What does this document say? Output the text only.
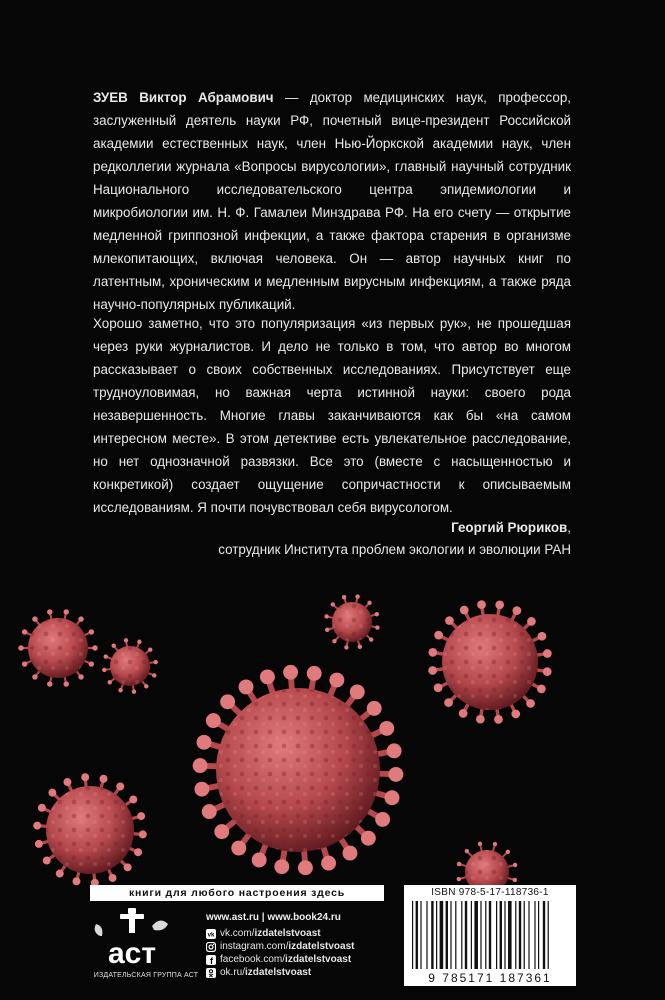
ЗУЕВ Виктор Абрамович — доктор медицинских наук, профессор, заслуженный деятель науки РФ, почетный вице-президент Российской академии естественных наук, член Нью-Йоркской академии наук, член редколлегии журнала «Вопросы вирусологии», главный научный сотрудник Национального исследовательского центра эпидемиологии и микробиологии им. Н. Ф. Гамалеи Минздрава РФ. На его счету — открытие медленной гриппозной инфекции, а также фактора старения в организме млекопитающих, включая человека. Он — автор научных книг по латентным, хроническим и медленным вирусным инфекциям, а также ряда научно-популярных публикаций.

Хорошо заметно, что это популяризация «из первых рук», не прошедшая через руки журналистов. И дело не только в том, что автор во многом рассказывает о своих собственных исследованиях. Присутствует еще трудноуловимая, но важная черта истинной науки: своего рода незавершенность. Многие главы заканчиваются как бы «на самом интересном месте». В этом детективе есть увлекательное расследование, но нет однозначной развязки. Все это (вместе с насыщенностью и конкретикой) создает ощущение сопричастности к описываемым исследованиям. Я почти почувствовал себя вирусологом.

Георгий Рюриков,
сотрудник Института проблем экологии и эволюции РАН
книги для любого настроения здесь
аст
ИЗДАТЕЛЬСКАЯ ГРУППА АСТ
www.ast.ru | www.book24.ru
vk vk.com/ izdatelstvoast
instagram.com/ izdatelstvoast
f facebook.com/ izdatelstvoast
ok.ru/ izdatelstvoast
ISBN 978-5-17-118736-1
9 785171 187361
